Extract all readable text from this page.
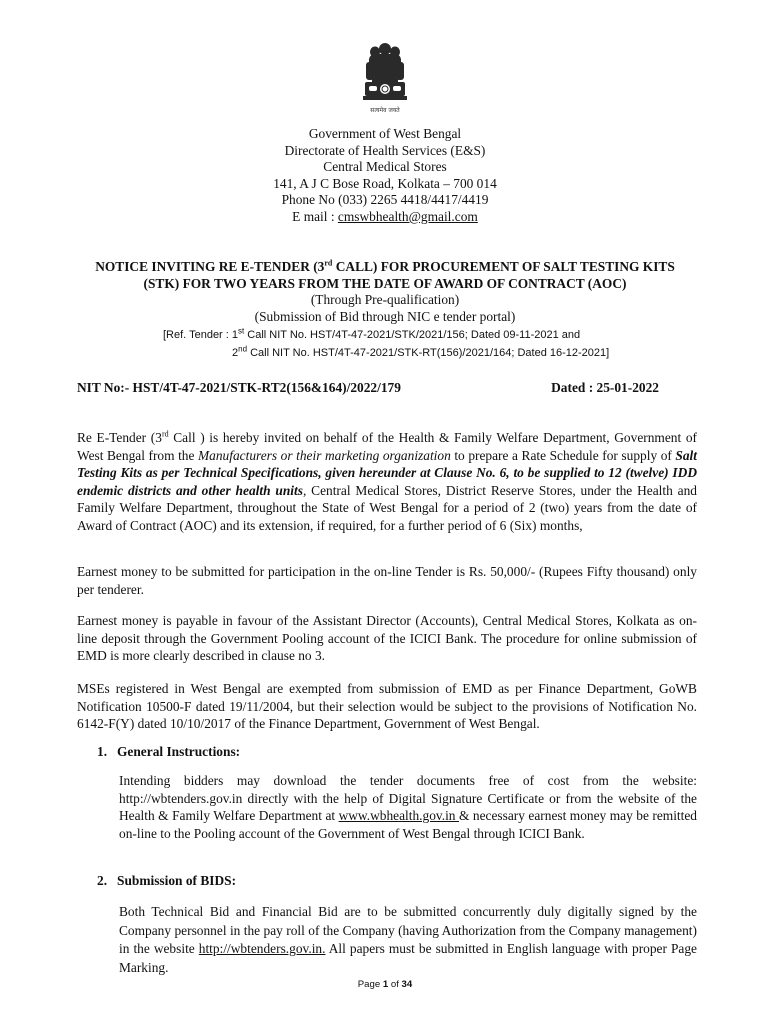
सत्यमेव जयते
Government of West Bengal
Directorate of Health Services (E&S)
Central Medical Stores
141, A J C Bose Road, Kolkata – 700 014
Phone No (033) 2265 4418/4417/4419
E mail : cmswbhealth@gmail.com
NOTICE INVITING RE E-TENDER (3rd CALL) FOR PROCUREMENT OF SALT TESTING KITS
(STK) FOR TWO YEARS FROM THE DATE OF AWARD OF CONTRACT (AOC)
(Through Pre-qualification)
(Submission of Bid through NIC e tender portal)
[Ref. Tender : 1st Call NIT No. HST/4T-47-2021/STK/2021/156; Dated 09-11-2021 and
2nd Call NIT No. HST/4T-47-2021/STK-RT(156)/2021/164; Dated 16-12-2021]
NIT No:- HST/4T-47-2021/STK-RT2(156&164)/2022/179	Dated : 25-01-2022
Re E-Tender (3rd Call ) is hereby invited on behalf of the Health & Family Welfare Department, Government of West Bengal from the Manufacturers or their marketing organization to prepare a Rate Schedule for supply of Salt Testing Kits as per Technical Specifications, given hereunder at Clause No. 6, to be supplied to 12 (twelve) IDD endemic districts and other health units, Central Medical Stores, District Reserve Stores, under the Health and Family Welfare Department, throughout the State of West Bengal for a period of 2 (two) years from the date of Award of Contract (AOC) and its extension, if required, for a further period of 6 (Six) months,
Earnest money to be submitted for participation in the on-line Tender is Rs. 50,000/- (Rupees Fifty thousand) only per tenderer.
Earnest money is payable in favour of the Assistant Director (Accounts), Central Medical Stores, Kolkata as on-line deposit through the Government Pooling account of the ICICI Bank. The procedure for online submission of EMD is more clearly described in clause no 3.
MSEs registered in West Bengal are exempted from submission of EMD as per Finance Department, GoWB Notification 10500-F dated 19/11/2004, but their selection would be subject to the provisions of Notification No. 6142-F(Y) dated 10/10/2017 of the Finance Department, Government of West Bengal.
1. General Instructions:
Intending bidders may download the tender documents free of cost from the website: http://wbtenders.gov.in directly with the help of Digital Signature Certificate or from the website of the Health & Family Welfare Department at www.wbhealth.gov.in & necessary earnest money may be remitted on-line to the Pooling account of the Government of West Bengal through ICICI Bank.
2. Submission of BIDS:
Both Technical Bid and Financial Bid are to be submitted concurrently duly digitally signed by the Company personnel in the pay roll of the Company (having Authorization from the Company management) in the website http://wbtenders.gov.in. All papers must be submitted in English language with proper Page Marking.
Page 1 of 34
